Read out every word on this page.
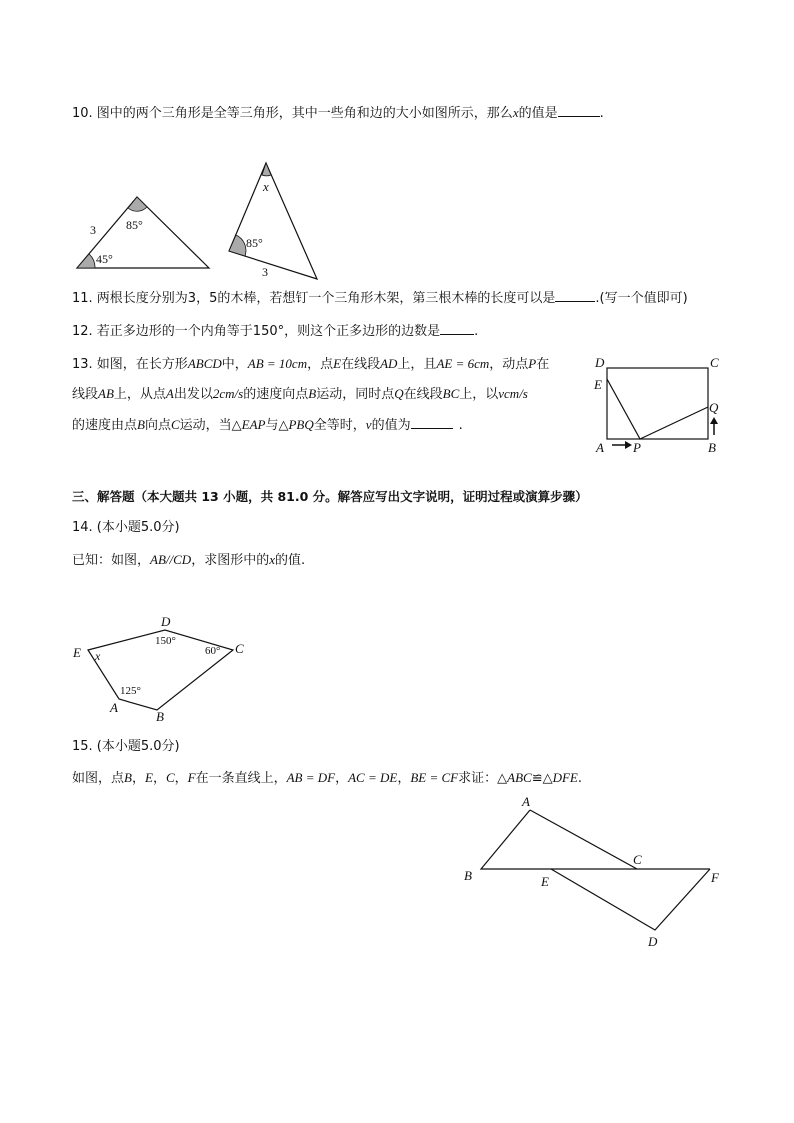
10. 图中的两个三角形是全等三角形，其中一些角和边的大小如图所示，那么x的值是	.
3	85°
45°
x
85°
3
11. 两根长度分别为3，5的木棒，若想钉一个三角形木架，第三根木棒的长度可以是	.(写一个值即可)
12. 若正多边形的一个内角等于150°，则这个正多边形的边数是	.
13. 如图，在长方形ABCD中，AB = 10cm，点E在线段AD上，且AE = 6cm，动点P在
线段AB上，从点A出发以2cm/s的速度向点B运动，同时点Q在线段BC上，以vcm/s
的速度由点B向点C运动，当△EAP与△PBQ全等时，v的值为	.
D	C
E
Q
A P	B
三、解答题（本大题共 13 小题，共 81.0 分。解答应写出文字说明，证明过程或演算步骤）
14. (本小题5.0分)
已知：如图，AB//CD，求图形中的x的值.
D
E	C
A
B
150°
60°
125°
x
15. (本小题5.0分)
如图，点B，E，C，F在一条直线上，AB = DF，AC = DE，BE = CF求证：△ABC≌△DFE.
A
B
C
E	F
D
